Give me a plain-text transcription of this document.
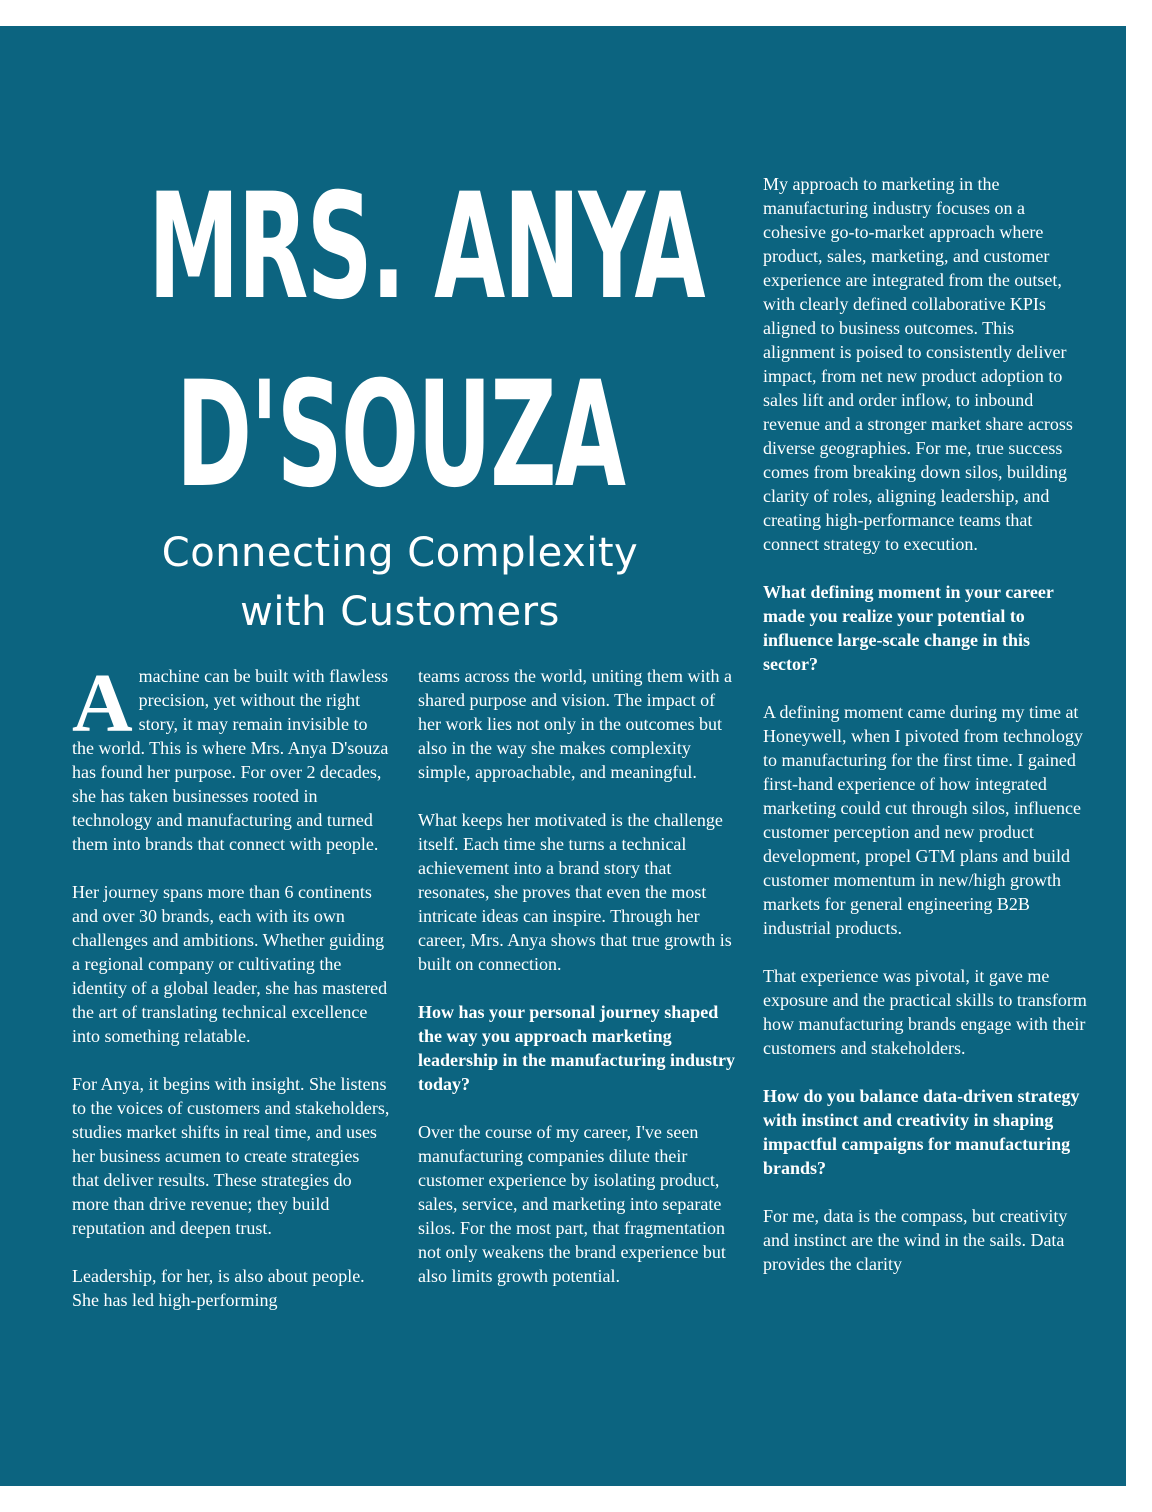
MRS. ANYA
D'SOUZA
Connecting Complexity
with Customers

Amachine can be built with flawless precision, yet without the right story, it may remain invisible to the world. This is where Mrs. Anya D'souza has found her purpose. For over 2 decades, she has taken businesses rooted in technology and manufacturing and turned them into brands that connect with people.

Her journey spans more than 6 continents and over 30 brands, each with its own challenges and ambitions. Whether guiding a regional company or cultivating the identity of a global leader, she has mastered the art of translating technical excellence into something relatable.

For Anya, it begins with insight. She listens to the voices of customers and stakeholders, studies market shifts in real time, and uses her business acumen to create strategies that deliver results. These strategies do more than drive revenue; they build reputation and deepen trust.

Leadership, for her, is also about people. She has led high-performing

teams across the world, uniting them with a shared purpose and vision. The impact of her work lies not only in the outcomes but also in the way she makes complexity simple, approachable, and meaningful.

What keeps her motivated is the challenge itself. Each time she turns a technical achievement into a brand story that resonates, she proves that even the most intricate ideas can inspire. Through her career, Mrs. Anya shows that true growth is built on connection.

How has your personal journey shaped the way you approach marketing leadership in the manufacturing industry today?

Over the course of my career, I've seen manufacturing companies dilute their customer experience by isolating product, sales, service, and marketing into separate silos. For the most part, that fragmentation not only weakens the brand experience but also limits growth potential.

My approach to marketing in the manufacturing industry focuses on a cohesive go-to-market approach where product, sales, marketing, and customer experience are integrated from the outset, with clearly defined collaborative KPIs aligned to business outcomes. This alignment is poised to consistently deliver impact, from net new product adoption to sales lift and order inflow, to inbound revenue and a stronger market share across diverse geographies. For me, true success comes from breaking down silos, building clarity of roles, aligning leadership, and creating high-performance teams that connect strategy to execution.

What defining moment in your career made you realize your potential to influence large-scale change in this sector?

A defining moment came during my time at Honeywell, when I pivoted from technology to manufacturing for the first time. I gained first-hand experience of how integrated marketing could cut through silos, influence customer perception and new product development, propel GTM plans and build customer momentum in new/high growth markets for general engineering B2B industrial products.

That experience was pivotal, it gave me exposure and the practical skills to transform how manufacturing brands engage with their customers and stakeholders.

How do you balance data-driven strategy with instinct and creativity in shaping impactful campaigns for manufacturing brands?

For me, data is the compass, but creativity and instinct are the wind in the sails. Data provides the clarity
